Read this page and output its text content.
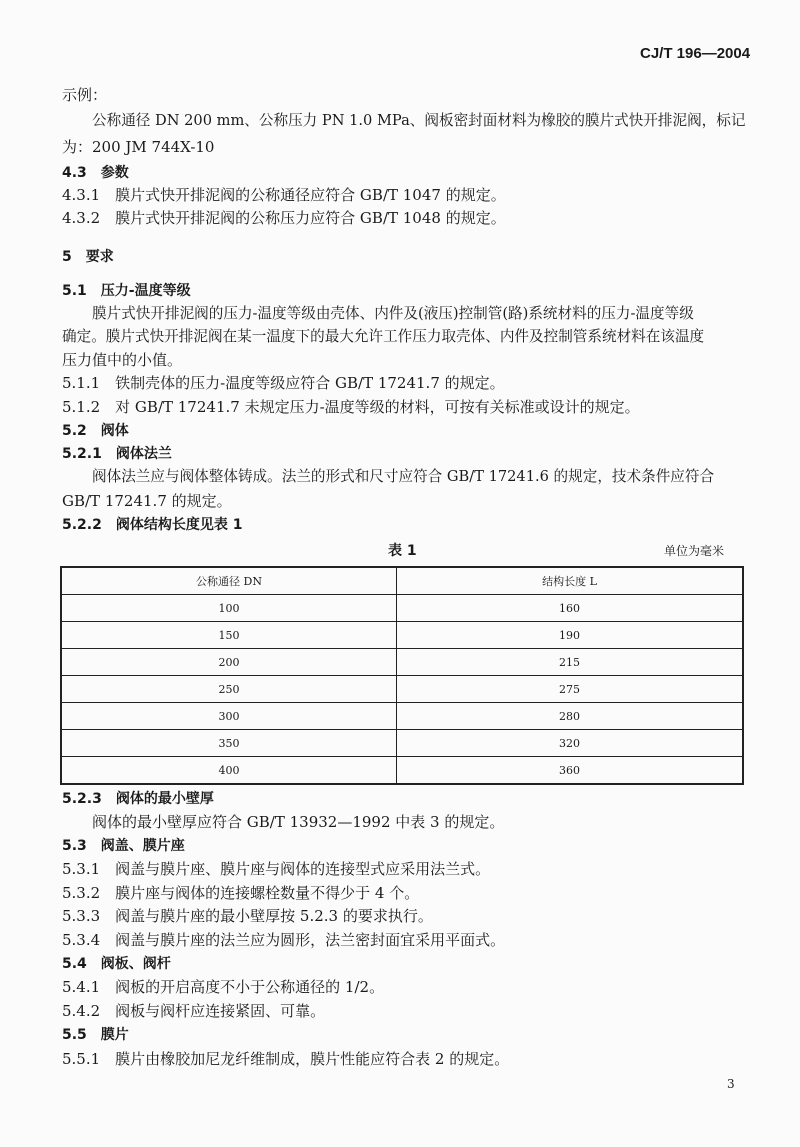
CJ/T 196—2004
示例：
公称通径 DN 200 mm、公称压力 PN 1.0 MPa、阀板密封面材料为橡胶的膜片式快开排泥阀，标记
为：200 JM 744X-10
4.3　参数
4.3.1　膜片式快开排泥阀的公称通径应符合 GB/T 1047 的规定。
4.3.2　膜片式快开排泥阀的公称压力应符合 GB/T 1048 的规定。
5　要求
5.1　压力-温度等级
膜片式快开排泥阀的压力-温度等级由壳体、内件及(液压)控制管(路)系统材料的压力-温度等级
确定。膜片式快开排泥阀在某一温度下的最大允许工作压力取壳体、内件及控制管系统材料在该温度
压力值中的小值。
5.1.1　铁制壳体的压力-温度等级应符合 GB/T 17241.7 的规定。
5.1.2　对 GB/T 17241.7 未规定压力-温度等级的材料，可按有关标准或设计的规定。
5.2　阀体
5.2.1　阀体法兰
阀体法兰应与阀体整体铸成。法兰的形式和尺寸应符合 GB/T 17241.6 的规定，技术条件应符合
GB/T 17241.7 的规定。
5.2.2　阀体结构长度见表 1
表 1	单位为毫米
公称通径 DN	结构长度 L
100	160
150	190
200	215
250	275
300	280
350	320
400	360
5.2.3　阀体的最小壁厚
阀体的最小壁厚应符合 GB/T 13932—1992 中表 3 的规定。
5.3　阀盖、膜片座
5.3.1　阀盖与膜片座、膜片座与阀体的连接型式应采用法兰式。
5.3.2　膜片座与阀体的连接螺栓数量不得少于 4 个。
5.3.3　阀盖与膜片座的最小壁厚按 5.2.3 的要求执行。
5.3.4　阀盖与膜片座的法兰应为圆形，法兰密封面宜采用平面式。
5.4　阀板、阀杆
5.4.1　阀板的开启高度不小于公称通径的 1/2。
5.4.2　阀板与阀杆应连接紧固、可靠。
5.5　膜片
5.5.1　膜片由橡胶加尼龙纤维制成，膜片性能应符合表 2 的规定。
3
